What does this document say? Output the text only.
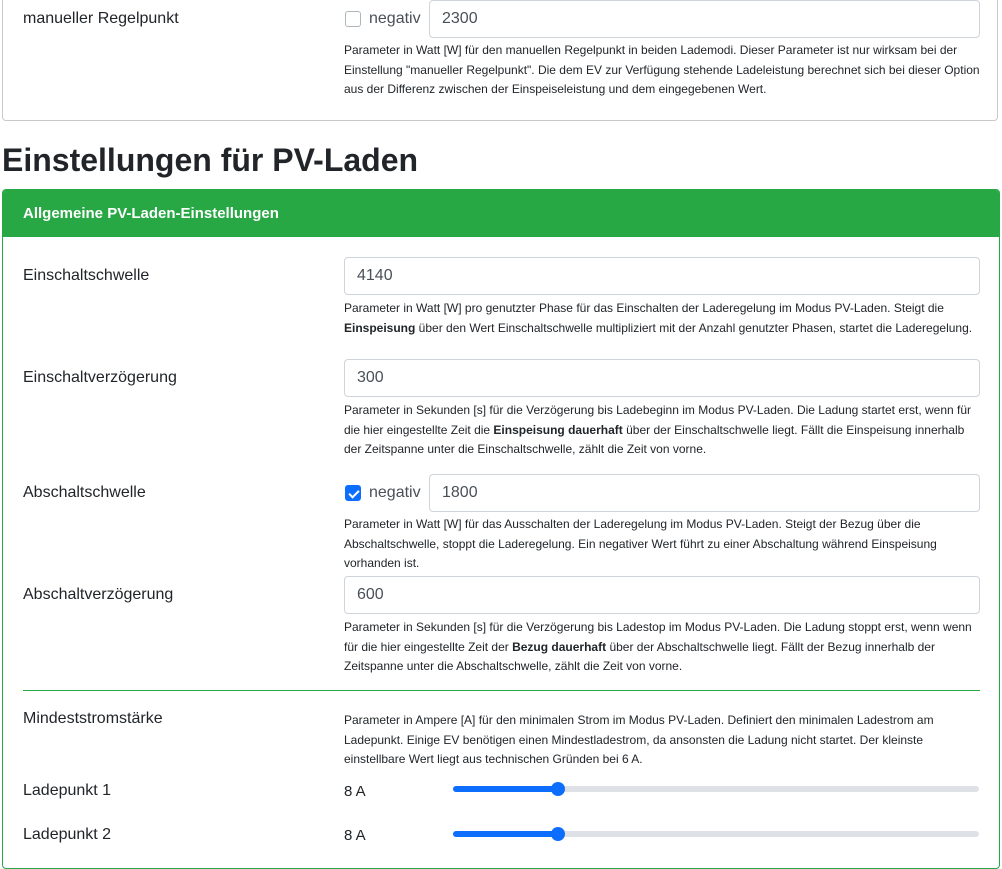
manueller Regelpunkt	negativ	2300
Parameter in Watt [W] für den manuellen Regelpunkt in beiden Lademodi. Dieser Parameter ist nur wirksam bei der Einstellung "manueller Regelpunkt". Die dem EV zur Verfügung stehende Ladeleistung berechnet sich bei dieser Option aus der Differenz zwischen der Einspeiseleistung und dem eingegebenen Wert.
Einstellungen für PV-Laden
Allgemeine PV-Laden-Einstellungen
Einschaltschwelle	4140
Parameter in Watt [W] pro genutzter Phase für das Einschalten der Laderegelung im Modus PV-Laden. Steigt die Einspeisung über den Wert Einschaltschwelle multipliziert mit der Anzahl genutzter Phasen, startet die Laderegelung.
Einschaltverzögerung	300
Parameter in Sekunden [s] für die Verzögerung bis Ladebeginn im Modus PV-Laden. Die Ladung startet erst, wenn für die hier eingestellte Zeit die Einspeisung dauerhaft über der Einschaltschwelle liegt. Fällt die Einspeisung innerhalb der Zeitspanne unter die Einschaltschwelle, zählt die Zeit von vorne.
Abschaltschwelle	negativ	1800
Parameter in Watt [W] für das Ausschalten der Laderegelung im Modus PV-Laden. Steigt der Bezug über die Abschaltschwelle, stoppt die Laderegelung. Ein negativer Wert führt zu einer Abschaltung während Einspeisung vorhanden ist.
Abschaltverzögerung	600
Parameter in Sekunden [s] für die Verzögerung bis Ladestop im Modus PV-Laden. Die Ladung stoppt erst, wenn wenn für die hier eingestellte Zeit der Bezug dauerhaft über der Abschaltschwelle liegt. Fällt der Bezug innerhalb der Zeitspanne unter die Abschaltschwelle, zählt die Zeit von vorne.
Mindeststromstärke	Parameter in Ampere [A] für den minimalen Strom im Modus PV-Laden. Definiert den minimalen Ladestrom am Ladepunkt. Einige EV benötigen einen Mindestladestrom, da ansonsten die Ladung nicht startet. Der kleinste einstellbare Wert liegt aus technischen Gründen bei 6 A.
Ladepunkt 1	8 A
Ladepunkt 2	8 A
